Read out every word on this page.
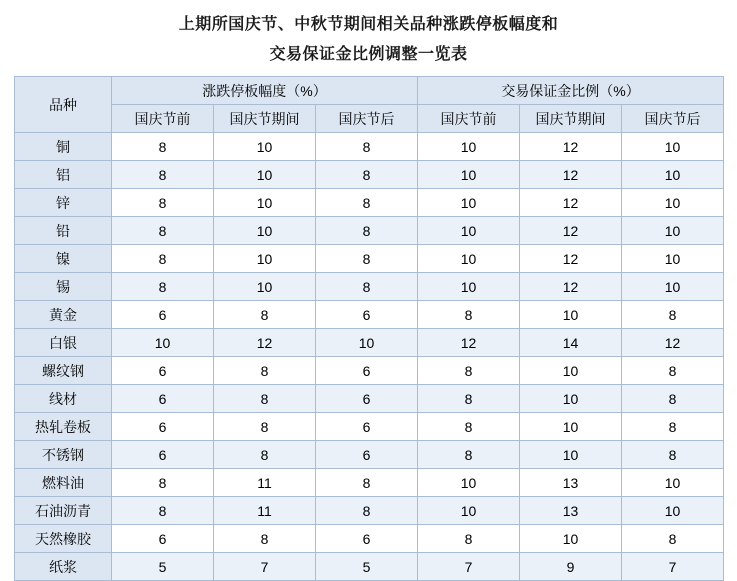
上期所国庆节、中秋节期间相关品种涨跌停板幅度和
交易保证金比例调整一览表
品种	涨跌停板幅度（%）			交易保证金比例（%）		
	国庆节前	国庆节期间	国庆节后	国庆节前	国庆节期间	国庆节后
铜	8	10	8	10	12	10
铝	8	10	8	10	12	10
锌	8	10	8	10	12	10
铅	8	10	8	10	12	10
镍	8	10	8	10	12	10
锡	8	10	8	10	12	10
黄金	6	8	6	8	10	8
白银	10	12	10	12	14	12
螺纹钢	6	8	6	8	10	8
线材	6	8	6	8	10	8
热轧卷板	6	8	6	8	10	8
不锈钢	6	8	6	8	10	8
燃料油	8	11	8	10	13	10
石油沥青	8	11	8	10	13	10
天然橡胶	6	8	6	8	10	8
纸浆	5	7	5	7	9	7
